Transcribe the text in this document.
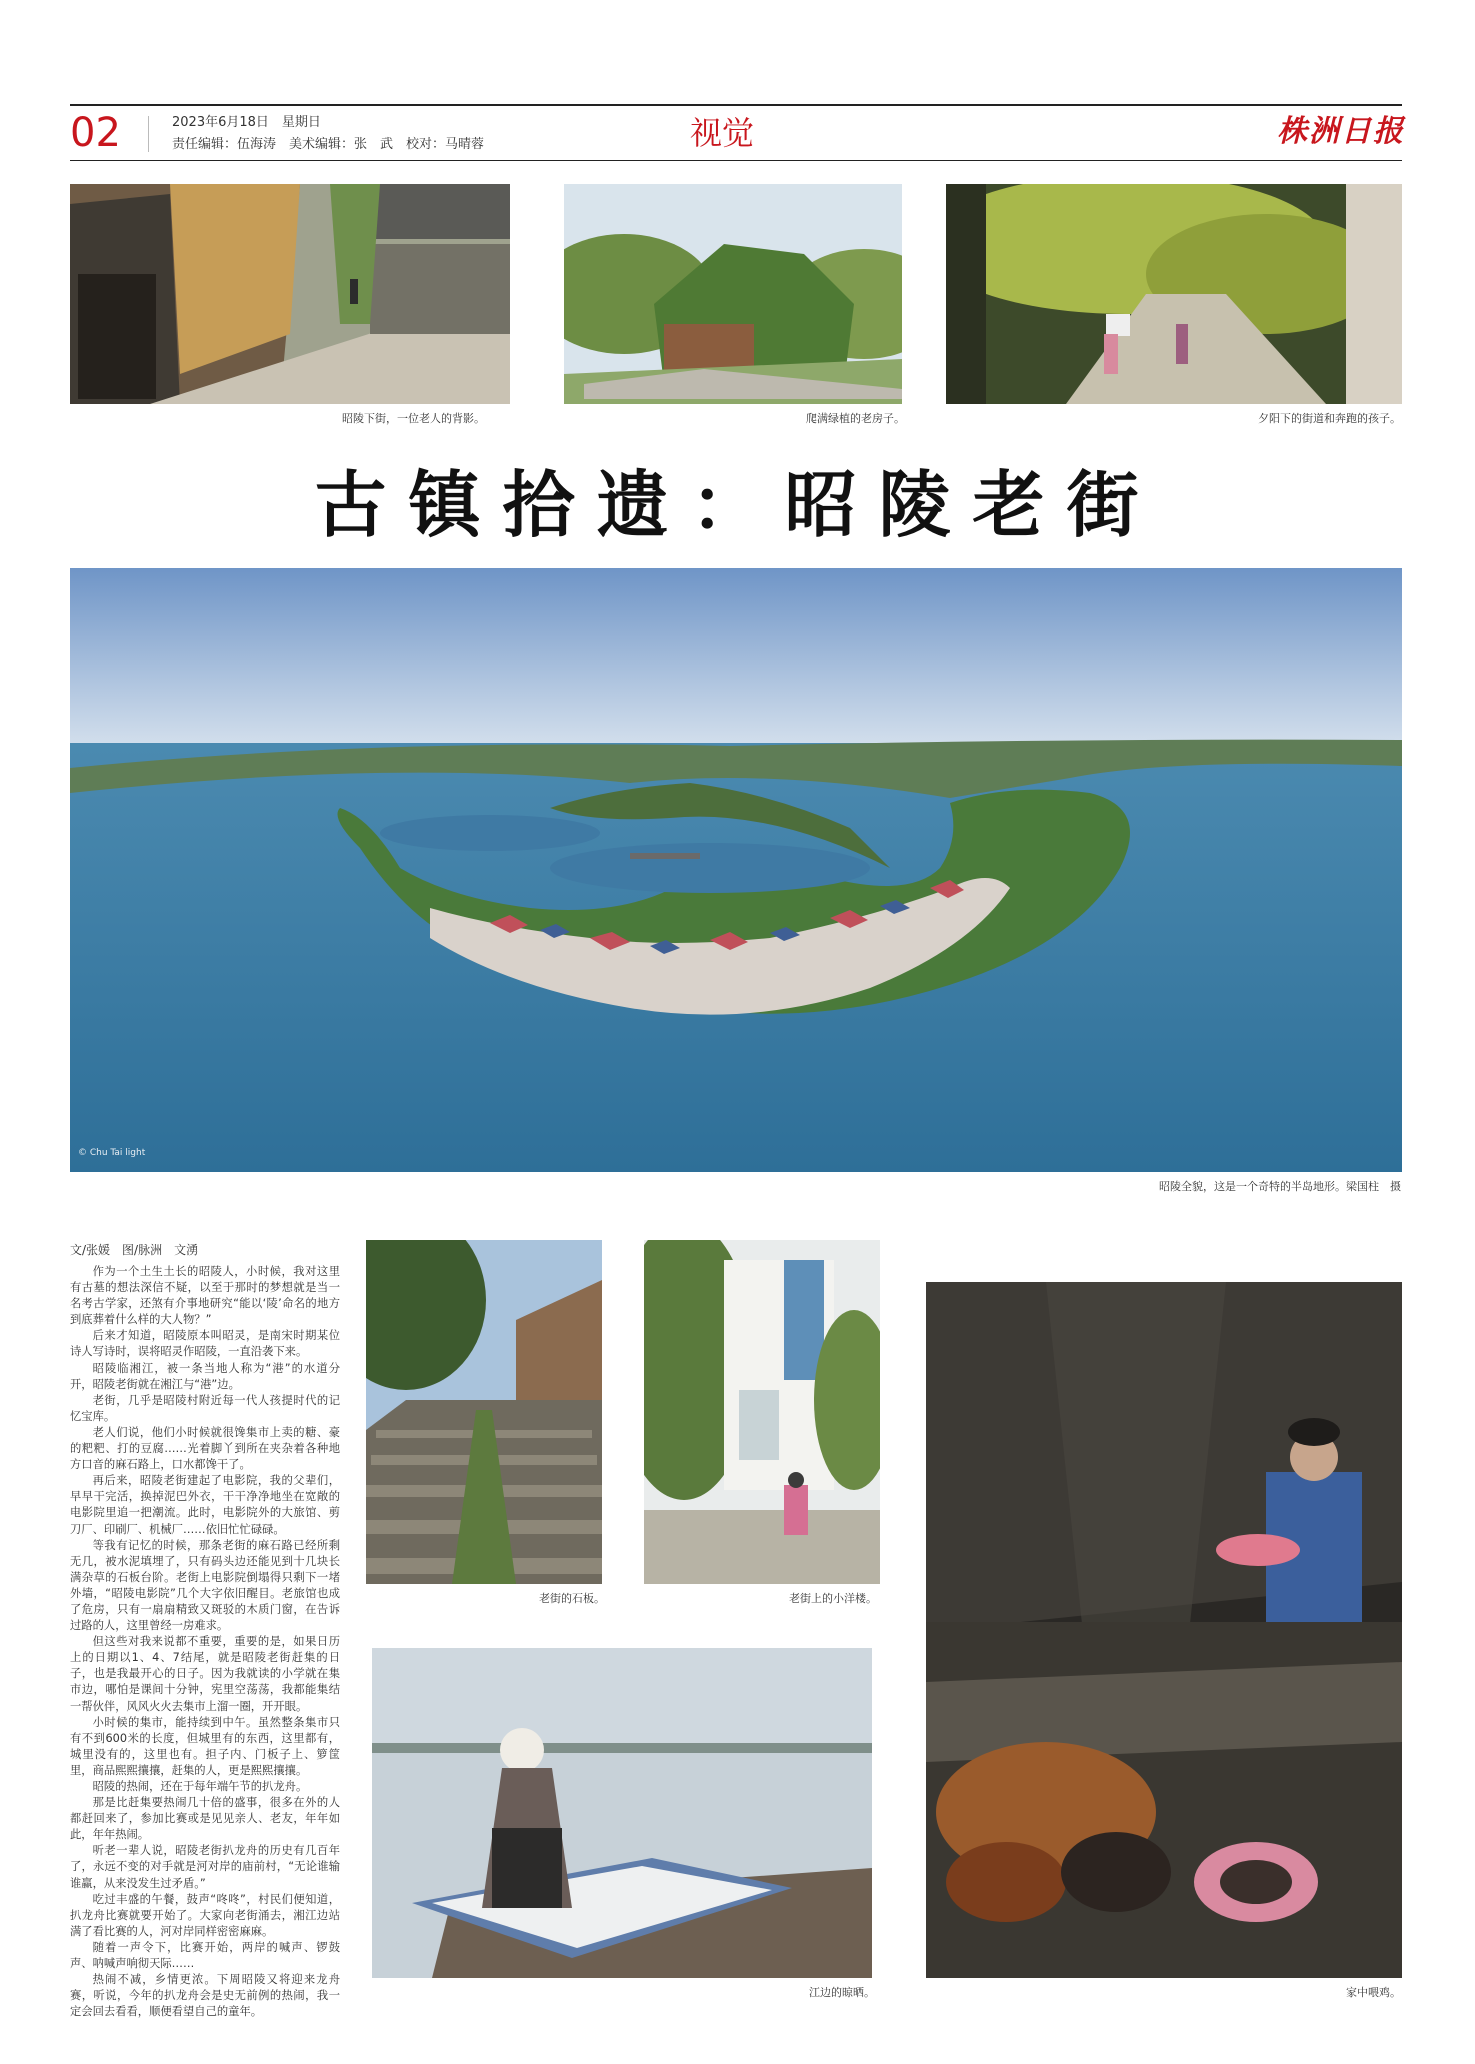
02	2023年6月18日　星期日
责任编辑：伍海涛　美术编辑：张　武　校对：马晴蓉	视觉	株洲日报
昭陵下街，一位老人的背影。	爬满绿植的老房子。	夕阳下的街道和奔跑的孩子。
古镇拾遗：昭陵老街
© Chu Tai light
昭陵全貌，这是一个奇特的半岛地形。梁国柱　摄
文/张媛　图/脉洲　文湧

作为一个土生土长的昭陵人，小时候，我对这里有古墓的想法深信不疑，以至于那时的梦想就是当一名考古学家，还煞有介事地研究“能以‘陵’命名的地方到底葬着什么样的大人物？”

后来才知道，昭陵原本叫昭灵，是南宋时期某位诗人写诗时，误将昭灵作昭陵，一直沿袭下来。

昭陵临湘江，被一条当地人称为“港”的水道分开，昭陵老街就在湘江与“港”边。

老街，几乎是昭陵村附近每一代人孩提时代的记忆宝库。

老人们说，他们小时候就很馋集市上卖的糖、豪的粑粑、打的豆腐……光着脚丫到所在夹杂着各种地方口音的麻石路上，口水都馋干了。

再后来，昭陵老街建起了电影院，我的父辈们，早早干完活，换掉泥巴外衣，干干净净地坐在宽敞的电影院里追一把潮流。此时，电影院外的大旅馆、剪刀厂、印刷厂、机械厂……依旧忙忙碌碌。

等我有记忆的时候，那条老街的麻石路已经所剩无几，被水泥填埋了，只有码头边还能见到十几块长满杂草的石板台阶。老街上电影院倒塌得只剩下一堵外墙，“昭陵电影院”几个大字依旧醒目。老旅馆也成了危房，只有一扇扇精致又斑驳的木质门窗，在告诉过路的人，这里曾经一房难求。

但这些对我来说都不重要，重要的是，如果日历上的日期以1、4、7结尾，就是昭陵老街赶集的日子，也是我最开心的日子。因为我就读的小学就在集市边，哪怕是课间十分钟，宪里空荡荡，我都能集结一帮伙伴，风风火火去集市上溜一圈，开开眼。

小时候的集市，能持续到中午。虽然整条集市只有不到600米的长度，但城里有的东西，这里都有，城里没有的，这里也有。担子内、门板子上、箩筐里，商品熙熙攘攘，赶集的人，更是熙熙攘攘。

昭陵的热闹，还在于每年端午节的扒龙舟。

那是比赶集要热闹几十倍的盛事，很多在外的人都赶回来了，参加比赛或是见见亲人、老友，年年如此，年年热闹。

听老一辈人说，昭陵老街扒龙舟的历史有几百年了，永远不变的对手就是河对岸的庙前村，“无论谁输谁赢，从来没发生过矛盾。”

吃过丰盛的午餐，鼓声“咚咚”，村民们便知道，扒龙舟比赛就要开始了。大家向老街涌去，湘江边站满了看比赛的人，河对岸同样密密麻麻。

随着一声令下，比赛开始，两岸的喊声、锣鼓声、呐喊声响彻天际……

热闹不减，乡情更浓。下周昭陵又将迎来龙舟赛，听说，今年的扒龙舟会是史无前例的热闹，我一定会回去看看，顺便看望自己的童年。

老街的石板。	老街上的小洋楼。
江边的晾晒。	家中喂鸡。
